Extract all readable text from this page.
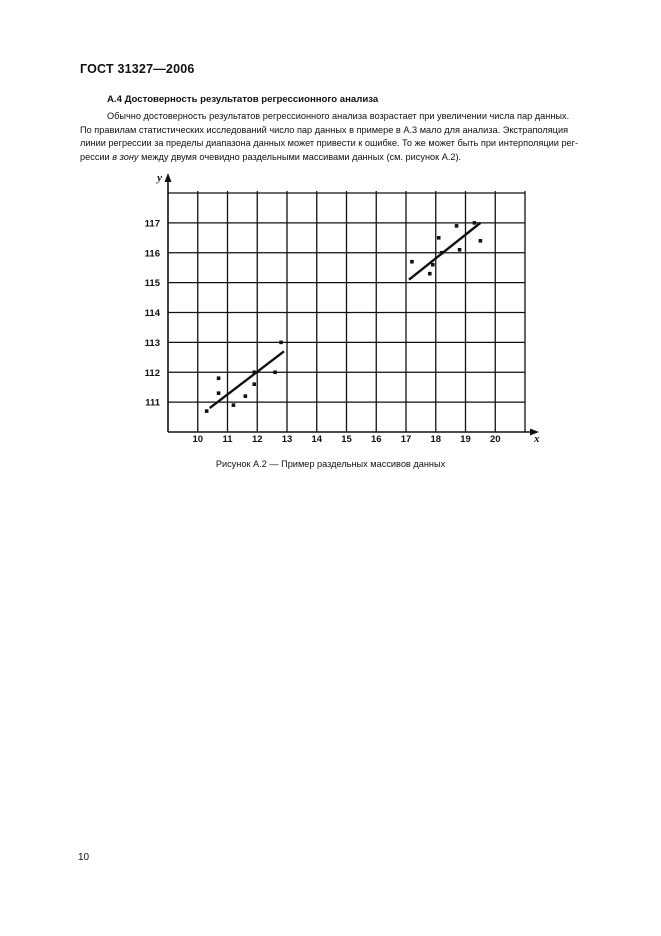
ГОСТ 31327—2006
А.4 Достоверность результатов регрессионного анализа

Обычно достоверность результатов регрессионного анализа возрастает при увеличении числа пар данных.
По правилам статистических исследований число пар данных в примере в А.3 мало для анализа. Экстраполяция
линии регрессии за пределы диапазона данных может привести к ошибке. То же может быть при интерполяции рег-
рессии в зону между двумя очевидно раздельными массивами данных (см. рисунок А.2).

x
y
10 11 12 13 14 15 16 17 18 19 20
111
112
113
114
115
116
117
Рисунок А.2 — Пример раздельных массивов данных
10
